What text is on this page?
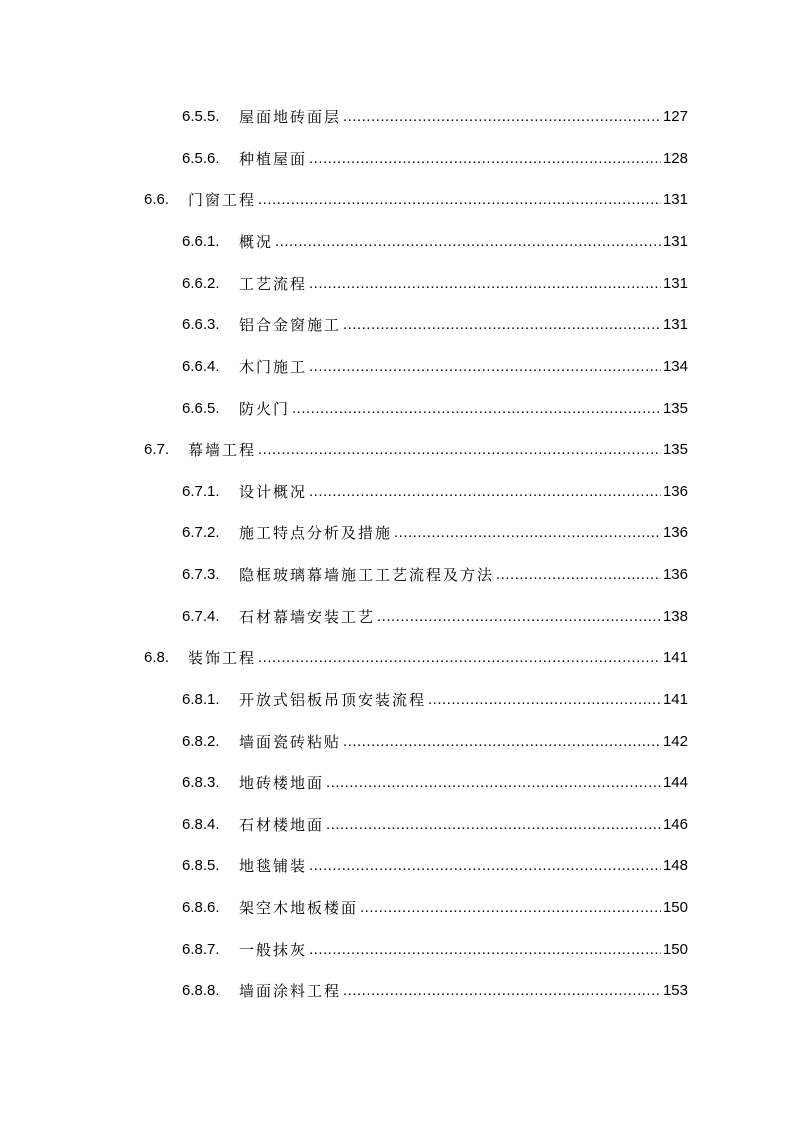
6.5.5.	屋面地砖面层 .....	127
6.5.6.	种植屋面 .....	128
6.6.	门窗工程 .....	131
6.6.1.	概况 .....	131
6.6.2.	工艺流程 .....	131
6.6.3.	铝合金窗施工 .....	131
6.6.4.	木门施工 .....	134
6.6.5.	防火门 .....	135
6.7.	幕墙工程 .....	135
6.7.1.	设计概况 .....	136
6.7.2.	施工特点分析及措施 .....	136
6.7.3.	隐框玻璃幕墙施工工艺流程及方法 .....	136
6.7.4.	石材幕墙安装工艺 .....	138
6.8.	装饰工程 .....	141
6.8.1.	开放式铝板吊顶安装流程 .....	141
6.8.2.	墙面瓷砖粘贴 .....	142
6.8.3.	地砖楼地面 .....	144
6.8.4.	石材楼地面 .....	146
6.8.5.	地毯铺装 .....	148
6.8.6.	架空木地板楼面 .....	150
6.8.7.	一般抹灰 .....	150
6.8.8.	墙面涂料工程 .....	153
